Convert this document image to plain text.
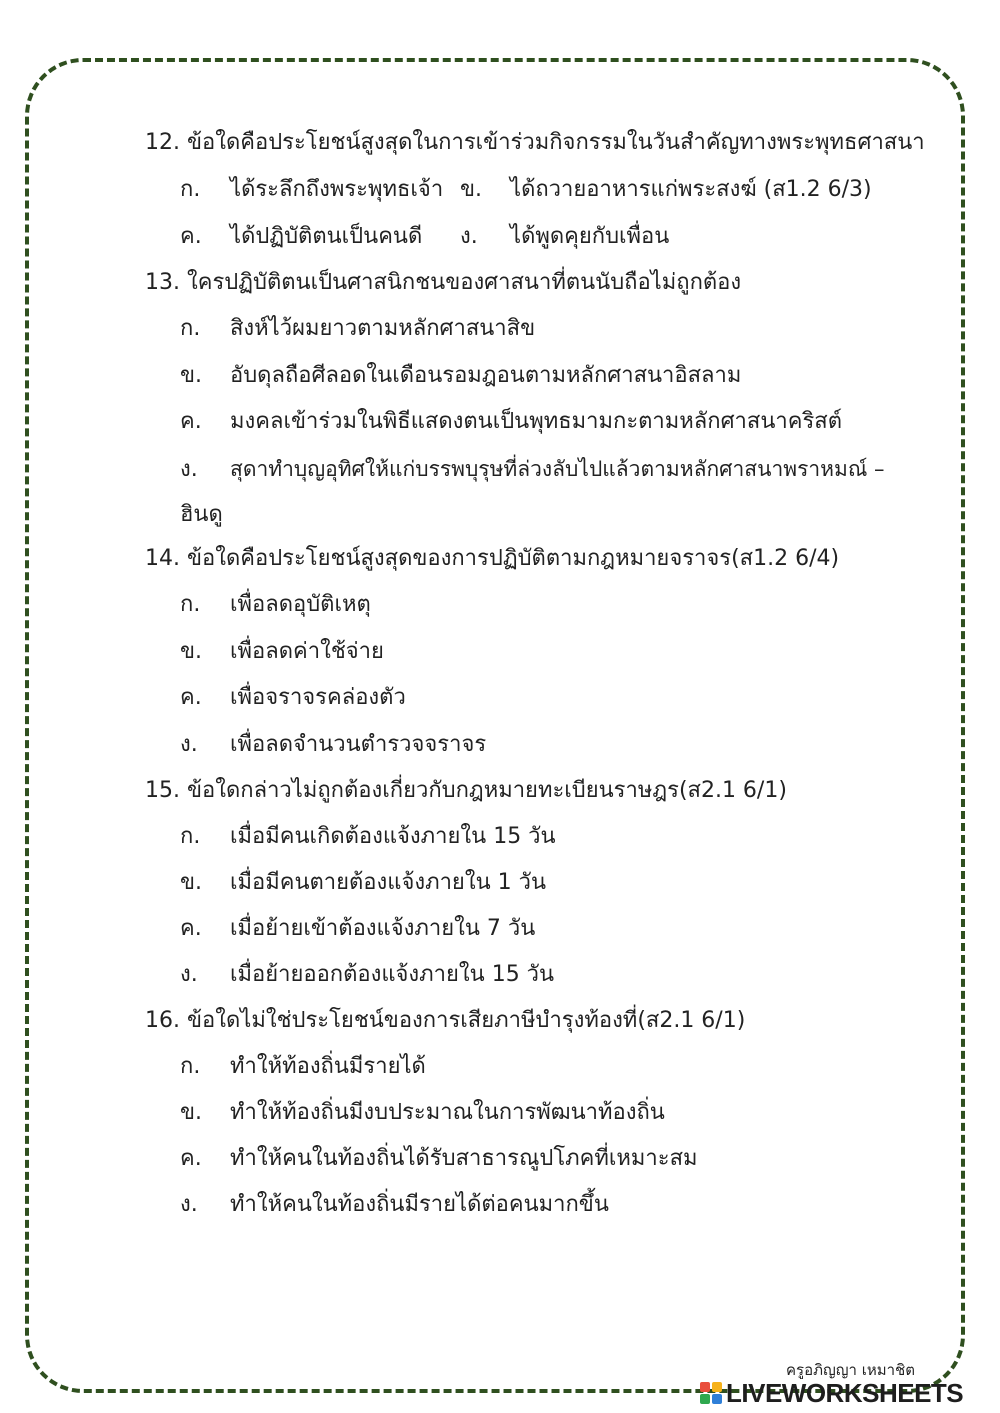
12. ข้อใดคือประโยชน์สูงสุดในการเข้าร่วมกิจกรรมในวันสำคัญทางพระพุทธศาสนา
ก. ได้ระลึกถึงพระพุทธเจ้า ข. ได้ถวายอาหารแก่พระสงฆ์ (ส1.2 6/3)
ค. ได้ปฏิบัติตนเป็นคนดี ง. ได้พูดคุยกับเพื่อน
13. ใครปฏิบัติตนเป็นศาสนิกชนของศาสนาที่ตนนับถือไม่ถูกต้อง
ก. สิงห์ไว้ผมยาวตามหลักศาสนาสิข
ข. อับดุลถือศีลอดในเดือนรอมฎอนตามหลักศาสนาอิสลาม
ค. มงคลเข้าร่วมในพิธีแสดงตนเป็นพุทธมามกะตามหลักศาสนาคริสต์
ง. สุดาทำบุญอุทิศให้แก่บรรพบุรุษที่ล่วงลับไปแล้วตามหลักศาสนาพราหมณ์ –
ฮินดู
14. ข้อใดคือประโยชน์สูงสุดของการปฏิบัติตามกฎหมายจราจร(ส1.2 6/4)
ก. เพื่อลดอุบัติเหตุ
ข. เพื่อลดค่าใช้จ่าย
ค. เพื่อจราจรคล่องตัว
ง. เพื่อลดจำนวนตำรวจจราจร
15. ข้อใดกล่าวไม่ถูกต้องเกี่ยวกับกฎหมายทะเบียนราษฎร(ส2.1 6/1)
ก. เมื่อมีคนเกิดต้องแจ้งภายใน 15 วัน
ข. เมื่อมีคนตายต้องแจ้งภายใน 1 วัน
ค. เมื่อย้ายเข้าต้องแจ้งภายใน 7 วัน
ง. เมื่อย้ายออกต้องแจ้งภายใน 15 วัน
16. ข้อใดไม่ใช่ประโยชน์ของการเสียภาษีบำรุงท้องที่(ส2.1 6/1)
ก. ทำให้ท้องถิ่นมีรายได้
ข. ทำให้ท้องถิ่นมีงบประมาณในการพัฒนาท้องถิ่น
ค. ทำให้คนในท้องถิ่นได้รับสาธารณูปโภคที่เหมาะสม
ง. ทำให้คนในท้องถิ่นมีรายได้ต่อคนมากขึ้น
ครูอภิญญา เหมาชิต
LIVEWORKSHEETS
